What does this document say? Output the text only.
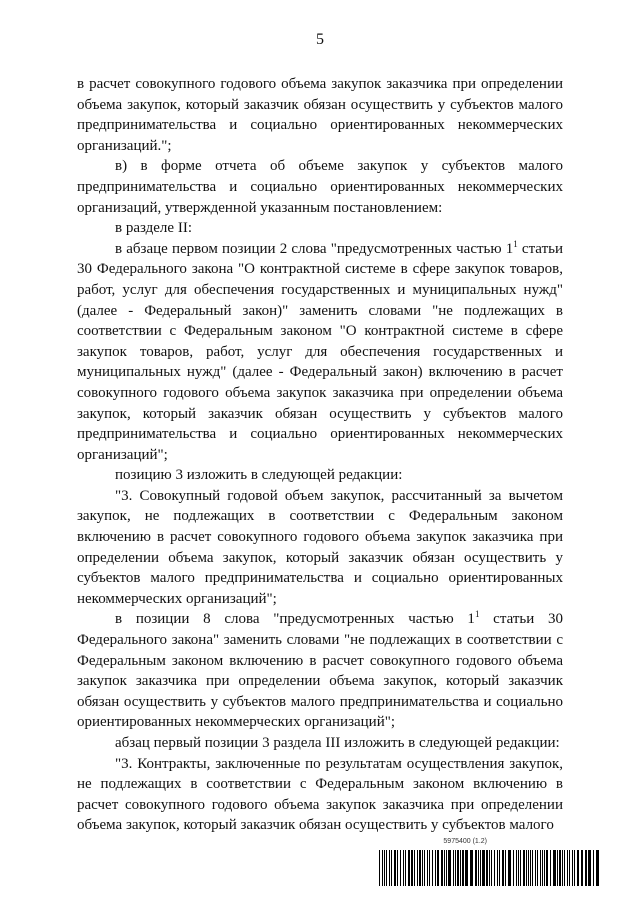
5

в расчет совокупного годового объема закупок заказчика при определении объема закупок, который заказчик обязан осуществить у субъектов малого предпринимательства и социально ориентированных некоммерческих организаций.";

в) в форме отчета об объеме закупок у субъектов малого предпринимательства и социально ориентированных некоммерческих организаций, утвержденной указанным постановлением:

в разделе II:

в абзаце первом позиции 2 слова "предусмотренных частью $1^1$ статьи 30 Федерального закона "О контрактной системе в сфере закупок товаров, работ, услуг для обеспечения государственных и муниципальных нужд" (далее - Федеральный закон)" заменить словами "не подлежащих в соответствии с Федеральным законом "О контрактной системе в сфере закупок товаров, работ, услуг для обеспечения государственных и муниципальных нужд" (далее - Федеральный закон) включению в расчет совокупного годового объема закупок заказчика при определении объема закупок, который заказчик обязан осуществить у субъектов малого предпринимательства и социально ориентированных некоммерческих организаций";

позицию 3 изложить в следующей редакции:

"3. Совокупный годовой объем закупок, рассчитанный за вычетом закупок, не подлежащих в соответствии с Федеральным законом включению в расчет совокупного годового объема закупок заказчика при определении объема закупок, который заказчик обязан осуществить у субъектов малого предпринимательства и социально ориентированных некоммерческих организаций";

в позиции 8 слова "предусмотренных частью $1^1$ статьи 30 Федерального закона" заменить словами "не подлежащих в соответствии с Федеральным законом включению в расчет совокупного годового объема закупок заказчика при определении объема закупок, который заказчик обязан осуществить у субъектов малого предпринимательства и социально ориентированных некоммерческих организаций";

абзац первый позиции 3 раздела III изложить в следующей редакции:

"3. Контракты, заключенные по результатам осуществления закупок, не подлежащих в соответствии с Федеральным законом включению в расчет совокупного годового объема закупок заказчика при определении объема закупок, который заказчик обязан осуществить у субъектов малого

5975400 (1.2)
